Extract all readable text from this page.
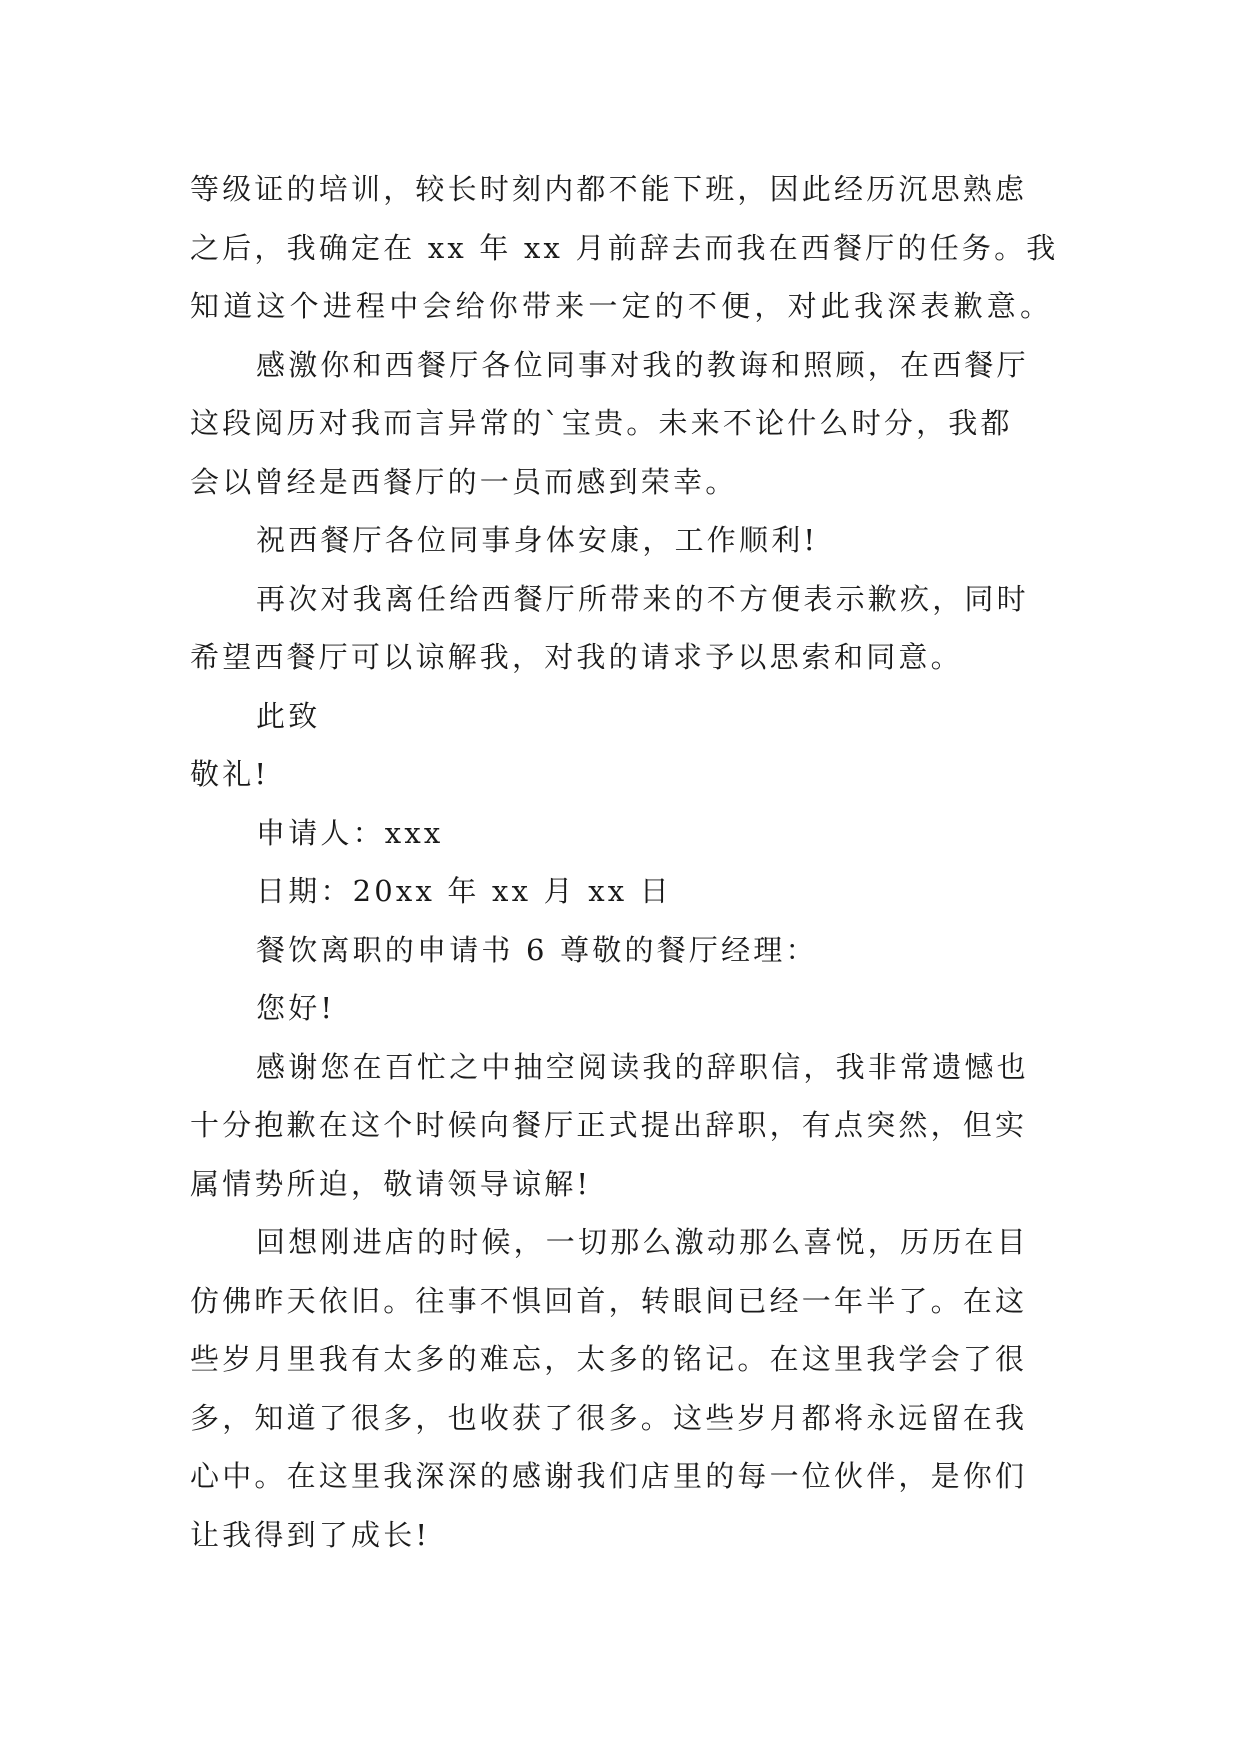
等级证的培训，较长时刻内都不能下班，因此经历沉思熟虑
之后，我确定在 xx 年 xx 月前辞去而我在西餐厅的任务。我
知道这个进程中会给你带来一定的不便，对此我深表歉意。
感激你和西餐厅各位同事对我的教诲和照顾，在西餐厅
这段阅历对我而言异常的`宝贵。未来不论什么时分，我都
会以曾经是西餐厅的一员而感到荣幸。
祝西餐厅各位同事身体安康，工作顺利!
再次对我离任给西餐厅所带来的不方便表示歉疚，同时
希望西餐厅可以谅解我，对我的请求予以思索和同意。
此致
敬礼!
申请人：xxx
日期：20xx 年 xx 月 xx 日
餐饮离职的申请书 6 尊敬的餐厅经理：
您好!
感谢您在百忙之中抽空阅读我的辞职信，我非常遗憾也
十分抱歉在这个时候向餐厅正式提出辞职，有点突然，但实
属情势所迫，敬请领导谅解!
回想刚进店的时候，一切那么激动那么喜悦，历历在目
仿佛昨天依旧。往事不惧回首，转眼间已经一年半了。在这
些岁月里我有太多的难忘，太多的铭记。在这里我学会了很
多，知道了很多，也收获了很多。这些岁月都将永远留在我
心中。在这里我深深的感谢我们店里的每一位伙伴，是你们
让我得到了成长!
